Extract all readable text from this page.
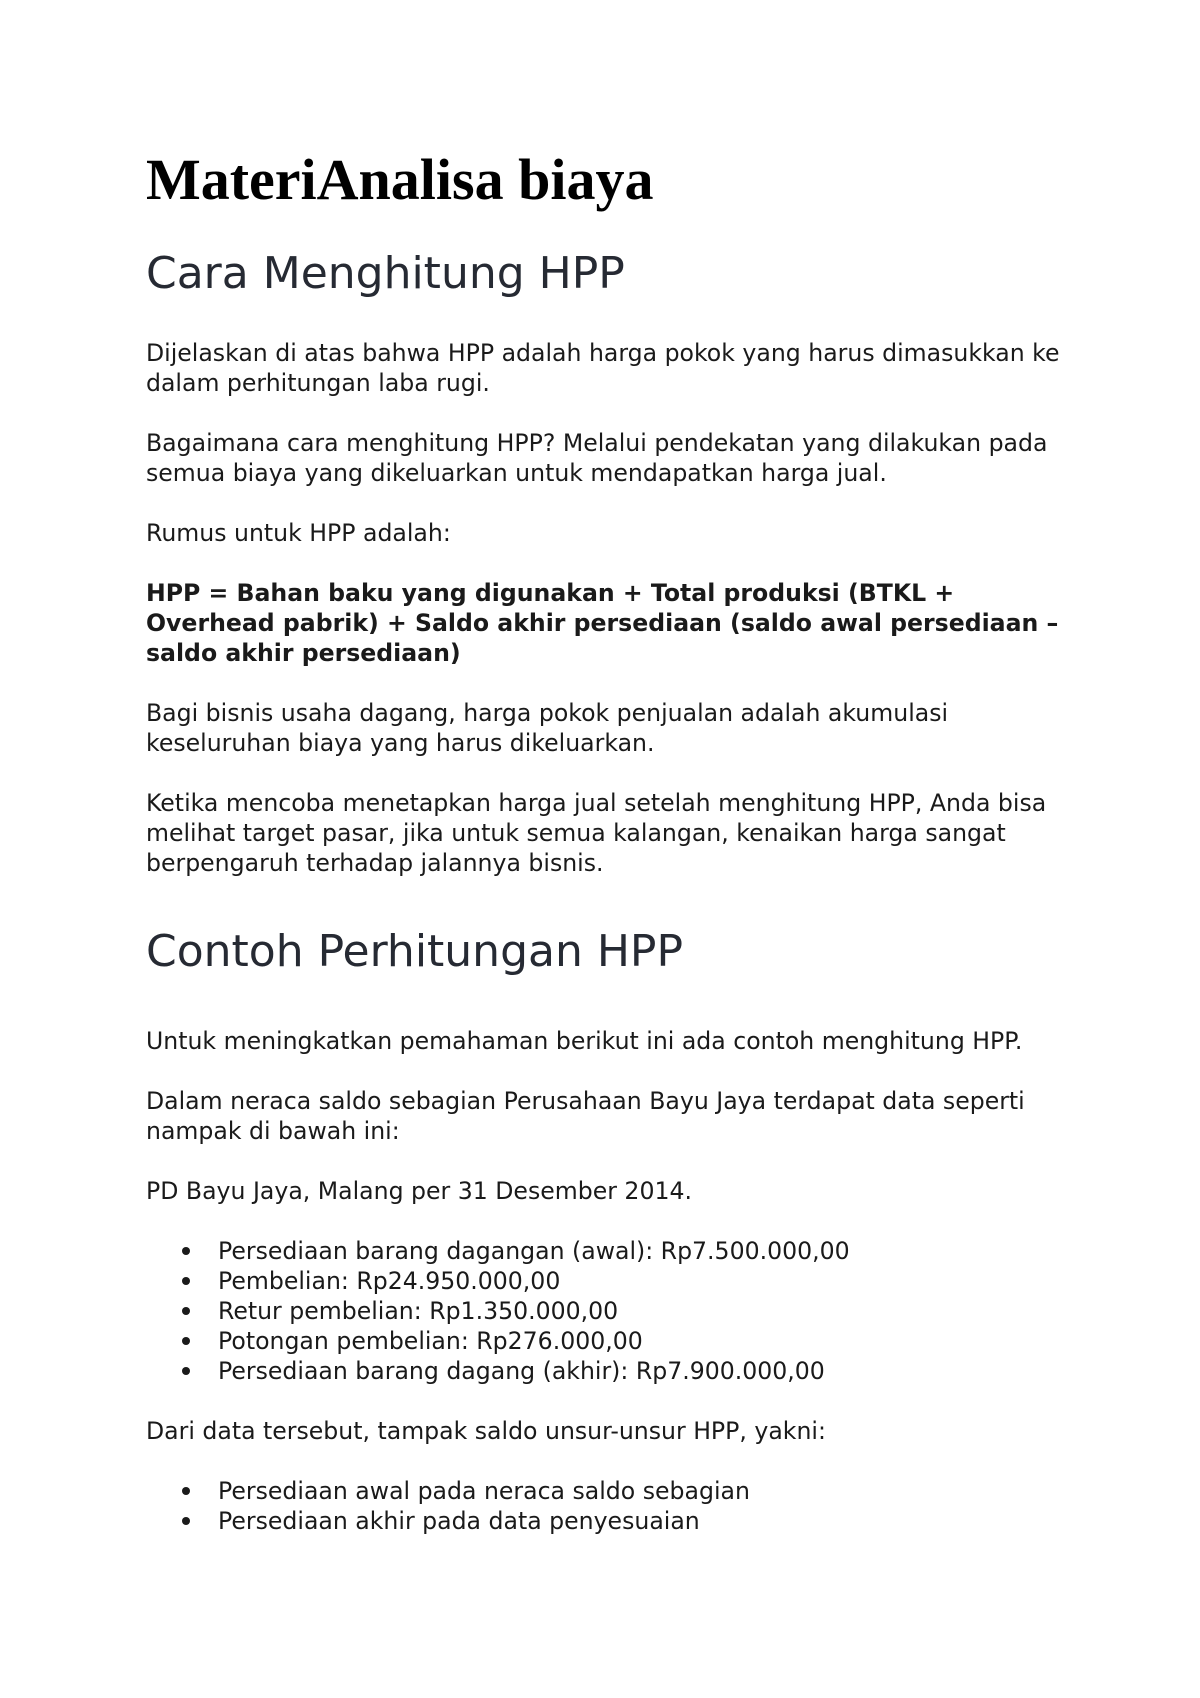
MateriAnalisa biaya
Cara Menghitung HPP

Dijelaskan di atas bahwa HPP adalah harga pokok yang harus dimasukkan ke dalam perhitungan laba rugi.

Bagaimana cara menghitung HPP? Melalui pendekatan yang dilakukan pada semua biaya yang dikeluarkan untuk mendapatkan harga jual.

Rumus untuk HPP adalah:

HPP = Bahan baku yang digunakan + Total produksi (BTKL + Overhead pabrik) + Saldo akhir persediaan (saldo awal persediaan – saldo akhir persediaan)

Bagi bisnis usaha dagang, harga pokok penjualan adalah akumulasi keseluruhan biaya yang harus dikeluarkan.

Ketika mencoba menetapkan harga jual setelah menghitung HPP, Anda bisa melihat target pasar, jika untuk semua kalangan, kenaikan harga sangat berpengaruh terhadap jalannya bisnis.

Contoh Perhitungan HPP

Untuk meningkatkan pemahaman berikut ini ada contoh menghitung HPP.

Dalam neraca saldo sebagian Perusahaan Bayu Jaya terdapat data seperti nampak di bawah ini:

PD Bayu Jaya, Malang per 31 Desember 2014.

Persediaan barang dagangan (awal): Rp7.500.000,00
Pembelian: Rp24.950.000,00
Retur pembelian: Rp1.350.000,00
Potongan pembelian: Rp276.000,00
Persediaan barang dagang (akhir): Rp7.900.000,00

Dari data tersebut, tampak saldo unsur-unsur HPP, yakni:

Persediaan awal pada neraca saldo sebagian
Persediaan akhir pada data penyesuaian
